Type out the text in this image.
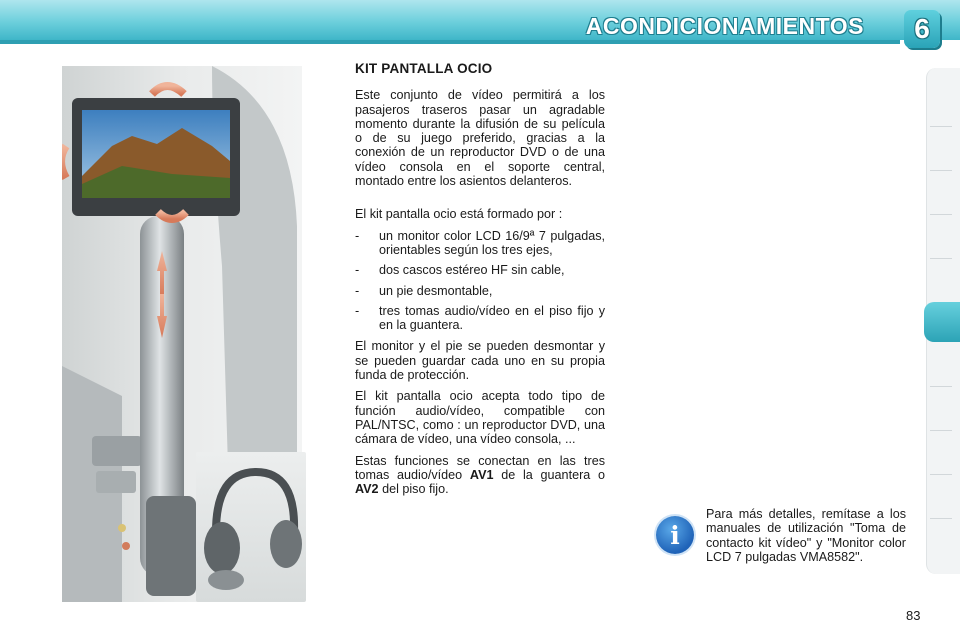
ACONDICIONAMIENTOS 6
KIT PANTALLA OCIO

Este conjunto de vídeo permitirá a los pasajeros traseros pasar un agradable momento durante la difusión de su película o de su juego preferido, gracias a la conexión de un reproductor DVD o de una vídeo consola en el soporte central, montado entre los asientos delanteros.

El kit pantalla ocio está formado por :

- un monitor color LCD 16/9ª 7 pulgadas, orientables según los tres ejes,
- dos cascos estéreo HF sin cable,
- un pie desmontable,
- tres tomas audio/vídeo en el piso fijo y en la guantera.

El monitor y el pie se pueden desmontar y se pueden guardar cada uno en su propia funda de protección.

El kit pantalla ocio acepta todo tipo de función audio/vídeo, compatible con PAL/NTSC, como : un reproductor DVD, una cámara de vídeo, una vídeo consola, ...

Estas funciones se conectan en las tres tomas audio/vídeo AV1 de la guantera o AV2 del piso fijo.

i
Para más detalles, remítase a los manuales de utilización "Toma de contacto kit vídeo" y "Monitor color LCD 7 pulgadas VMA8582".
83
